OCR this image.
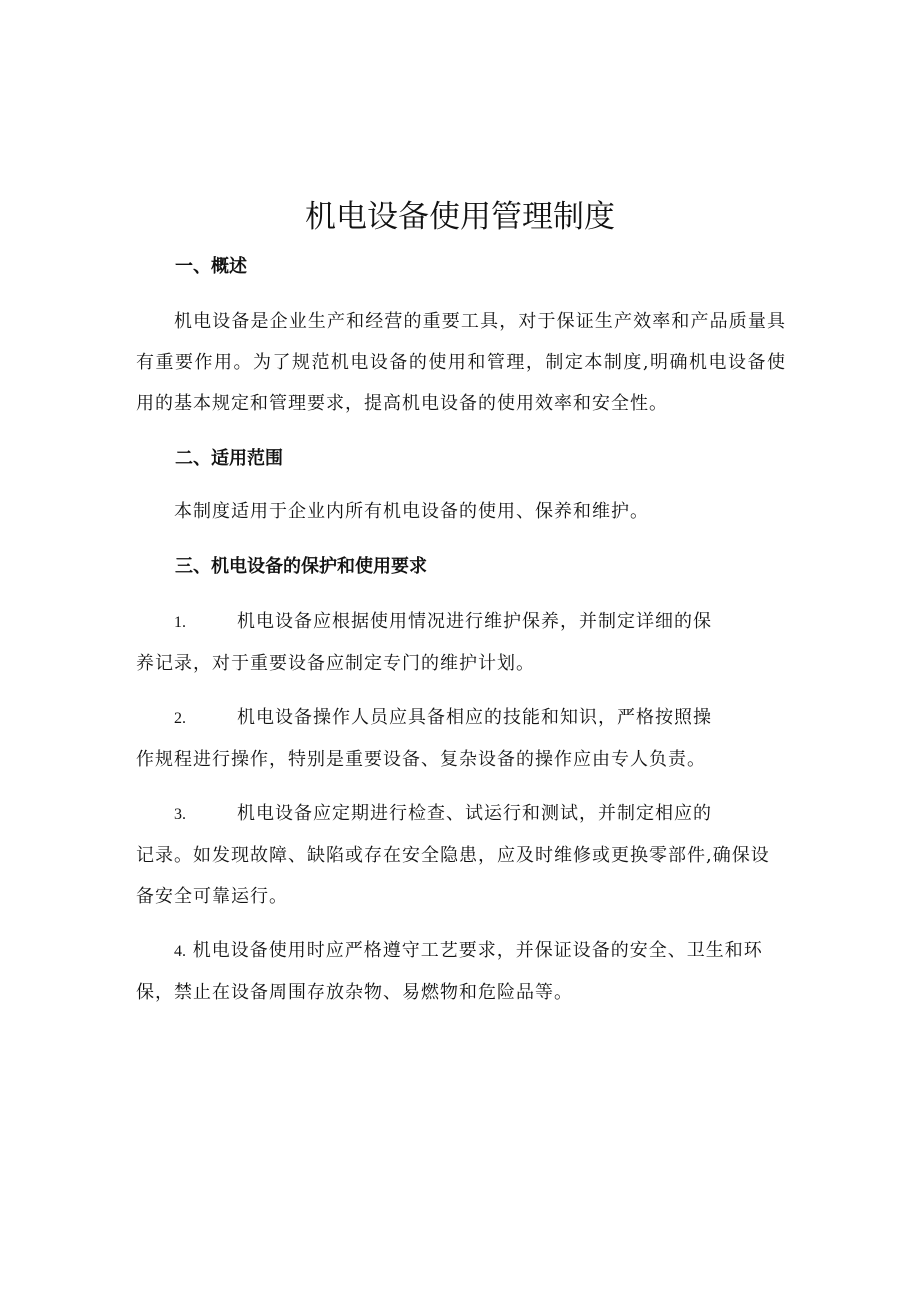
机电设备使用管理制度
一、概述

机电设备是企业生产和经营的重要工具，对于保证生产效率和产品质量具有重要作用。为了规范机电设备的使用和管理，制定本制度,明确机电设备使用的基本规定和管理要求，提高机电设备的使用效率和安全性。

二、适用范围

本制度适用于企业内所有机电设备的使用、保养和维护。

三、机电设备的保护和使用要求
1.	机电设备应根据使用情况进行维护保养，并制定详细的保
养记录，对于重要设备应制定专门的维护计划。
2.	机电设备操作人员应具备相应的技能和知识，严格按照操
作规程进行操作，特别是重要设备、复杂设备的操作应由专人负责。
3.	机电设备应定期进行检查、试运行和测试，并制定相应的
记录。如发现故障、缺陷或存在安全隐患，应及时维修或更换零部件,确保设备安全可靠运行。

4. 机电设备使用时应严格遵守工艺要求，并保证设备的安全、卫生和环保，禁止在设备周围存放杂物、易燃物和危险品等。
